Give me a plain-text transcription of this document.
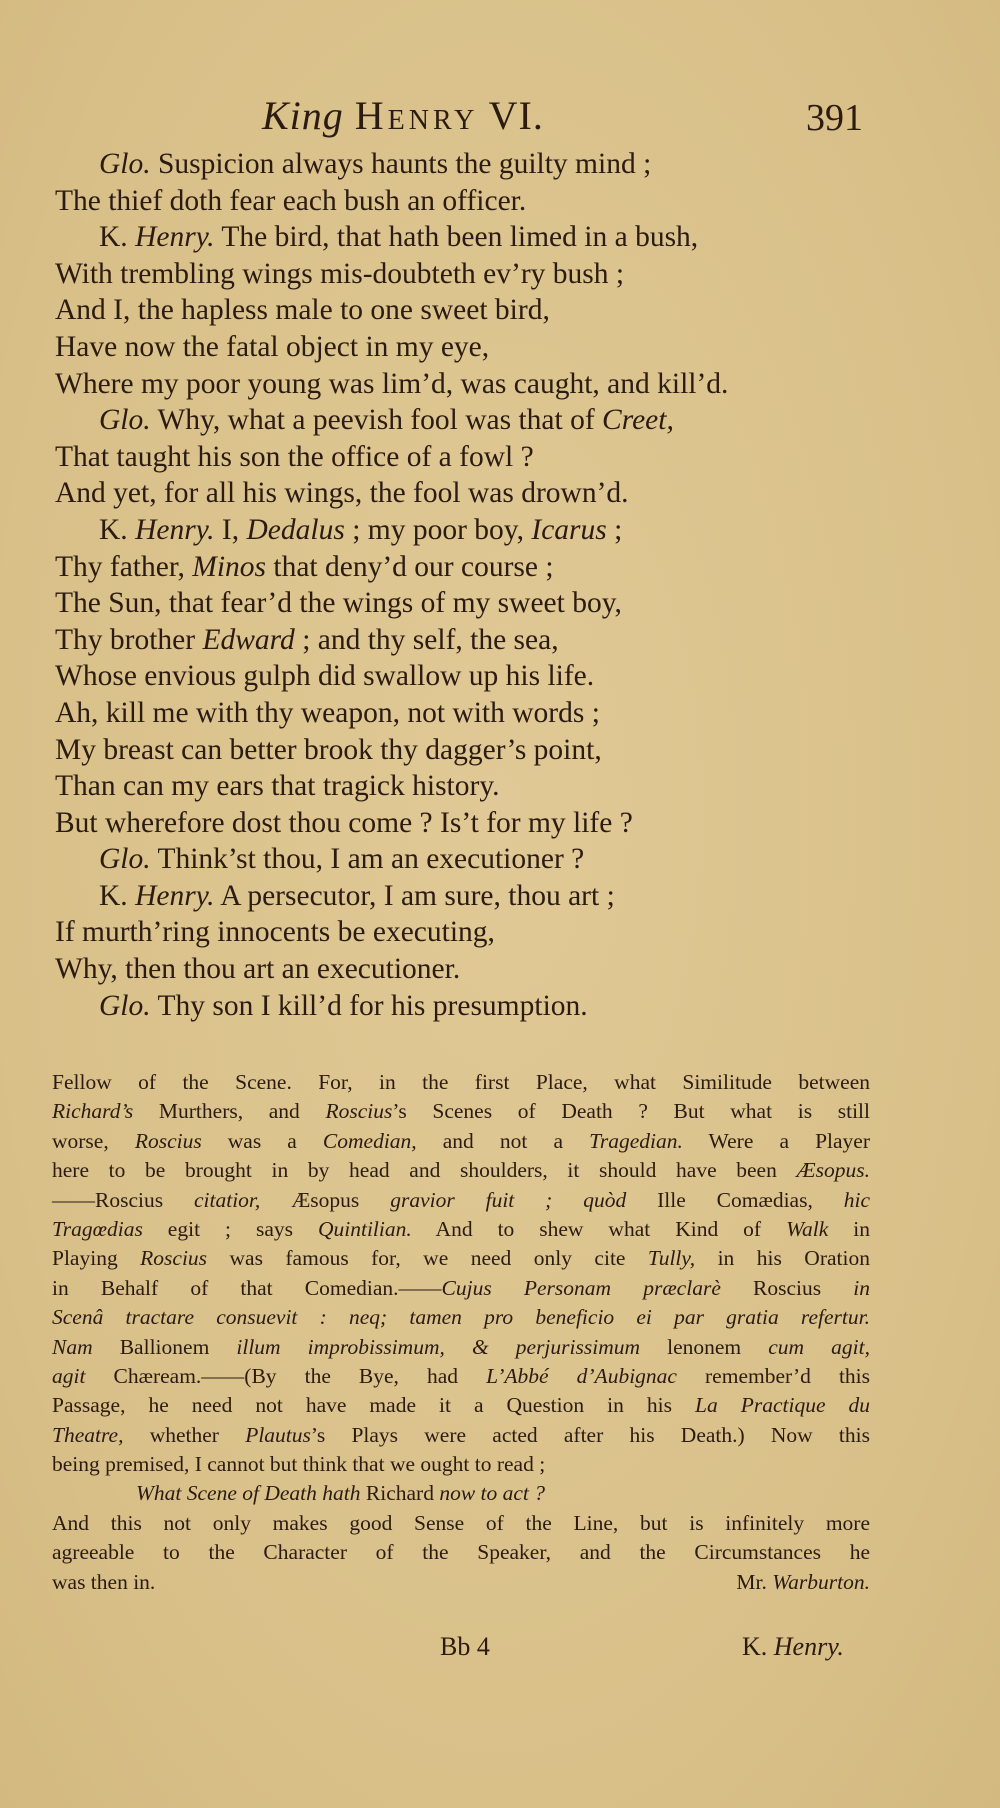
King Henry VI.	391
Glo. Suspicion always haunts the guilty mind ;
The thief doth fear each bush an officer.
K. Henry. The bird, that hath been limed in a bush,
With trembling wings mis-doubteth ev’ry bush ;
And I, the hapless male to one sweet bird,
Have now the fatal object in my eye,
Where my poor young was lim’d, was caught, and kill’d.
Glo. Why, what a peevish fool was that of Creet,
That taught his son the office of a fowl ?
And yet, for all his wings, the fool was drown’d.
K. Henry. I, Dedalus ; my poor boy, Icarus ;
Thy father, Minos that deny’d our course ;
The Sun, that fear’d the wings of my sweet boy,
Thy brother Edward ; and thy self, the sea,
Whose envious gulph did swallow up his life.
Ah, kill me with thy weapon, not with words ;
My breast can better brook thy dagger’s point,
Than can my ears that tragick history.
But wherefore dost thou come ? Is’t for my life ?
Glo. Think’st thou, I am an executioner ?
K. Henry. A persecutor, I am sure, thou art ;
If murth’ring innocents be executing,
Why, then thou art an executioner.
Glo. Thy son I kill’d for his presumption.
Fellow of the Scene. For, in the first Place, what Similitude between
Richard’s Murthers, and Roscius’s Scenes of Death ? But what is still
worse, Roscius was a Comedian, and not a Tragedian. Were a Player
here to be brought in by head and shoulders, it should have been Æsopus.
——Roscius citatior, Æsopus gravior fuit ; quòd Ille Comædias, hic
Tragœdias egit ; says Quintilian. And to shew what Kind of Walk in
Playing Roscius was famous for, we need only cite Tully, in his Oration
in Behalf of that Comedian.——Cujus Personam præclarè Roscius in
Scenâ tractare consuevit : neq; tamen pro beneficio ei par gratia refertur.
Nam Ballionem illum improbissimum, & perjurissimum lenonem cum agit,
agit Chæream.——(By the Bye, had L’Abbé d’Aubignac remember’d this
Passage, he need not have made it a Question in his La Practique du
Theatre, whether Plautus’s Plays were acted after his Death.) Now this
being premised, I cannot but think that we ought to read ;
What Scene of Death hath Richard now to act ?
And this not only makes good Sense of the Line, but is infinitely more
agreeable to the Character of the Speaker, and the Circumstances he
was then in.	Mr. Warburton.
Bb 4	K. Henry.
